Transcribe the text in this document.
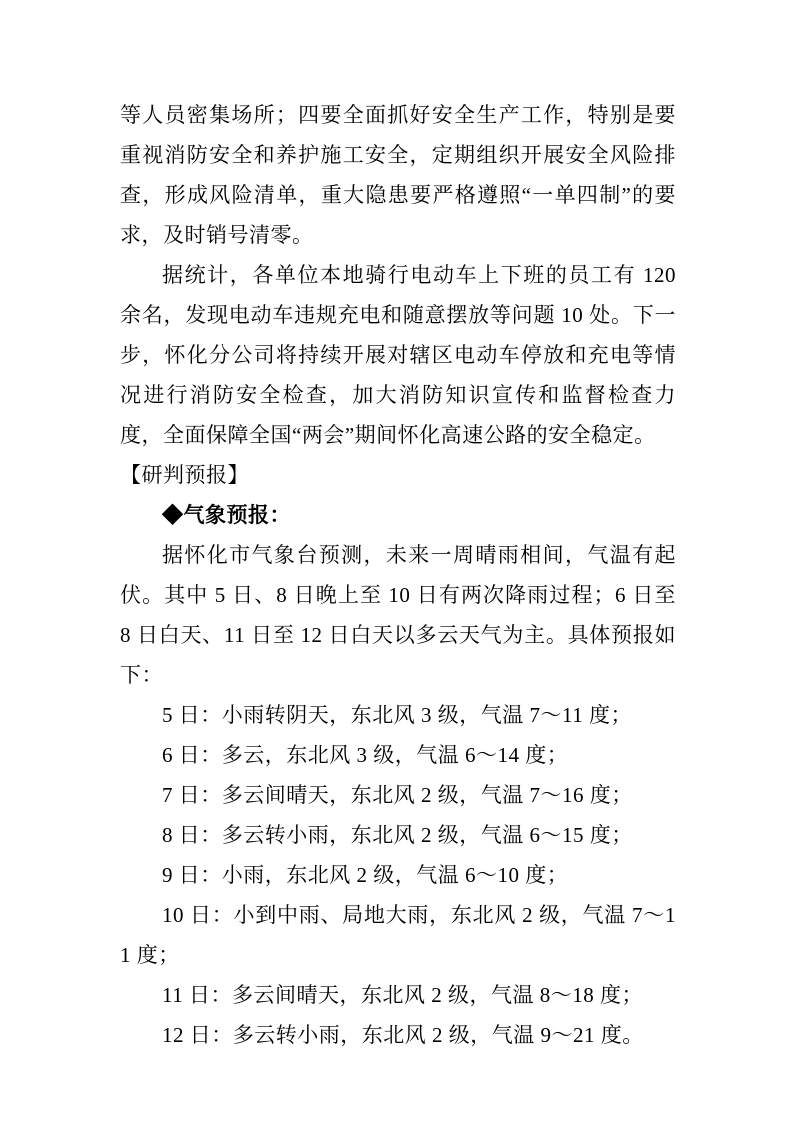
等人员密集场所；四要全面抓好安全生产工作，特别是要重视消防安全和养护施工安全，定期组织开展安全风险排查，形成风险清单，重大隐患要严格遵照“一单四制”的要求，及时销号清零。

据统计，各单位本地骑行电动车上下班的员工有 120 余名，发现电动车违规充电和随意摆放等问题 10 处。下一步，怀化分公司将持续开展对辖区电动车停放和充电等情况进行消防安全检查，加大消防知识宣传和监督检查力度，全面保障全国“两会”期间怀化高速公路的安全稳定。

【研判预报】

◆气象预报：

据怀化市气象台预测，未来一周晴雨相间，气温有起伏。其中 5 日、8 日晚上至 10 日有两次降雨过程；6 日至 8 日白天、11 日至 12 日白天以多云天气为主。具体预报如下：

5 日：小雨转阴天，东北风 3 级，气温 7～11 度；

6 日：多云，东北风 3 级，气温 6～14 度；

7 日：多云间晴天，东北风 2 级，气温 7～16 度；

8 日：多云转小雨，东北风 2 级，气温 6～15 度；

9 日：小雨，东北风 2 级，气温 6～10 度；

10 日：小到中雨、局地大雨，东北风 2 级，气温 7～11 度；

11 日：多云间晴天，东北风 2 级，气温 8～18 度；

12 日：多云转小雨，东北风 2 级，气温 9～21 度。
